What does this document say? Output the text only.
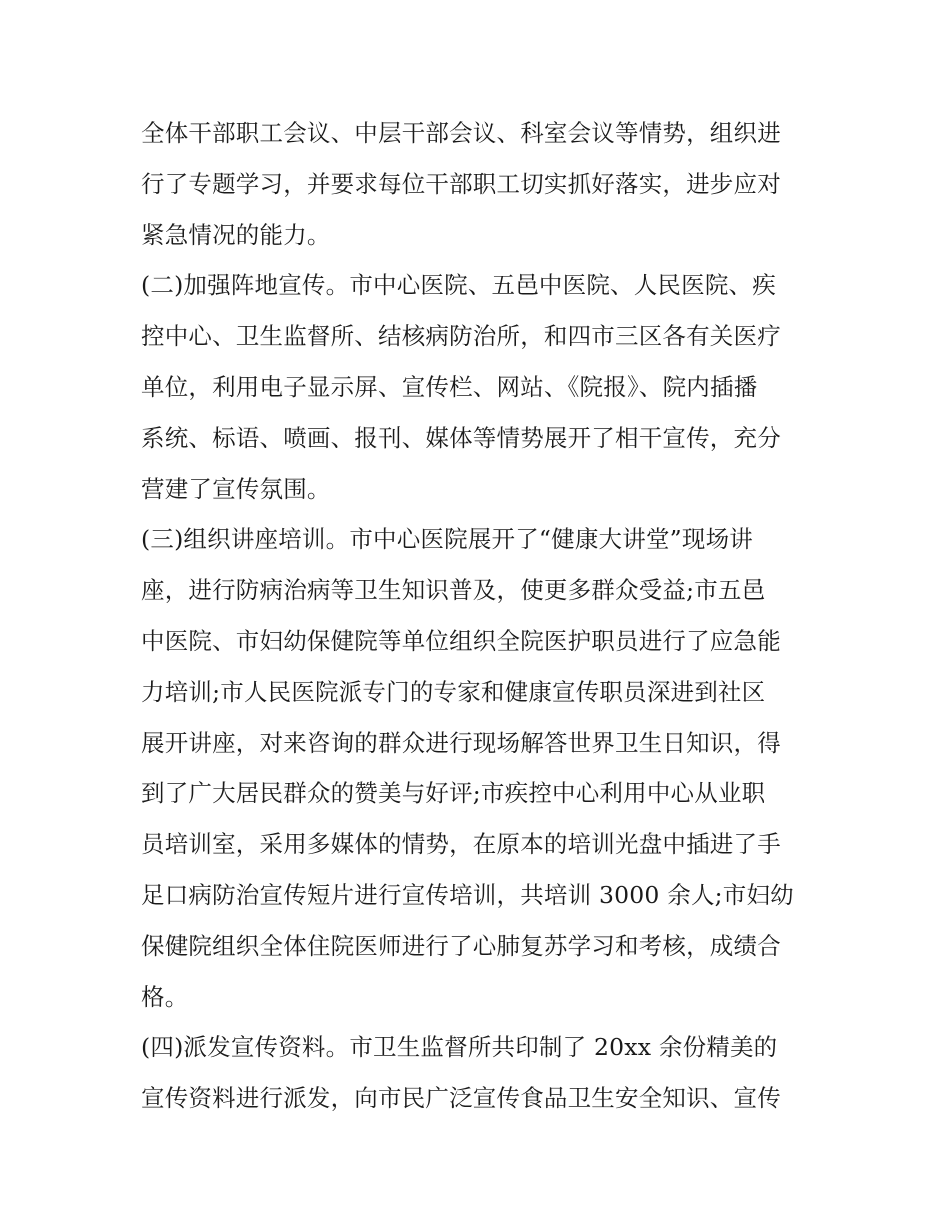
全体干部职工会议、中层干部会议、科室会议等情势，组织进
行了专题学习，并要求每位干部职工切实抓好落实，进步应对
紧急情况的能力。
(二)加强阵地宣传。市中心医院、五邑中医院、人民医院、疾
控中心、卫生监督所、结核病防治所，和四市三区各有关医疗
单位，利用电子显示屏、宣传栏、网站、《院报》、院内插播
系统、标语、喷画、报刊、媒体等情势展开了相干宣传，充分
营建了宣传氛围。
(三)组织讲座培训。市中心医院展开了“健康大讲堂”现场讲
座，进行防病治病等卫生知识普及，使更多群众受益;市五邑
中医院、市妇幼保健院等单位组织全院医护职员进行了应急能
力培训;市人民医院派专门的专家和健康宣传职员深进到社区
展开讲座，对来咨询的群众进行现场解答世界卫生日知识，得
到了广大居民群众的赞美与好评;市疾控中心利用中心从业职
员培训室，采用多媒体的情势，在原本的培训光盘中插进了手
足口病防治宣传短片进行宣传培训，共培训 3000 余人;市妇幼
保健院组织全体住院医师进行了心肺复苏学习和考核，成绩合
格。
(四)派发宣传资料。市卫生监督所共印制了 20xx 余份精美的
宣传资料进行派发，向市民广泛宣传食品卫生安全知识、宣传
